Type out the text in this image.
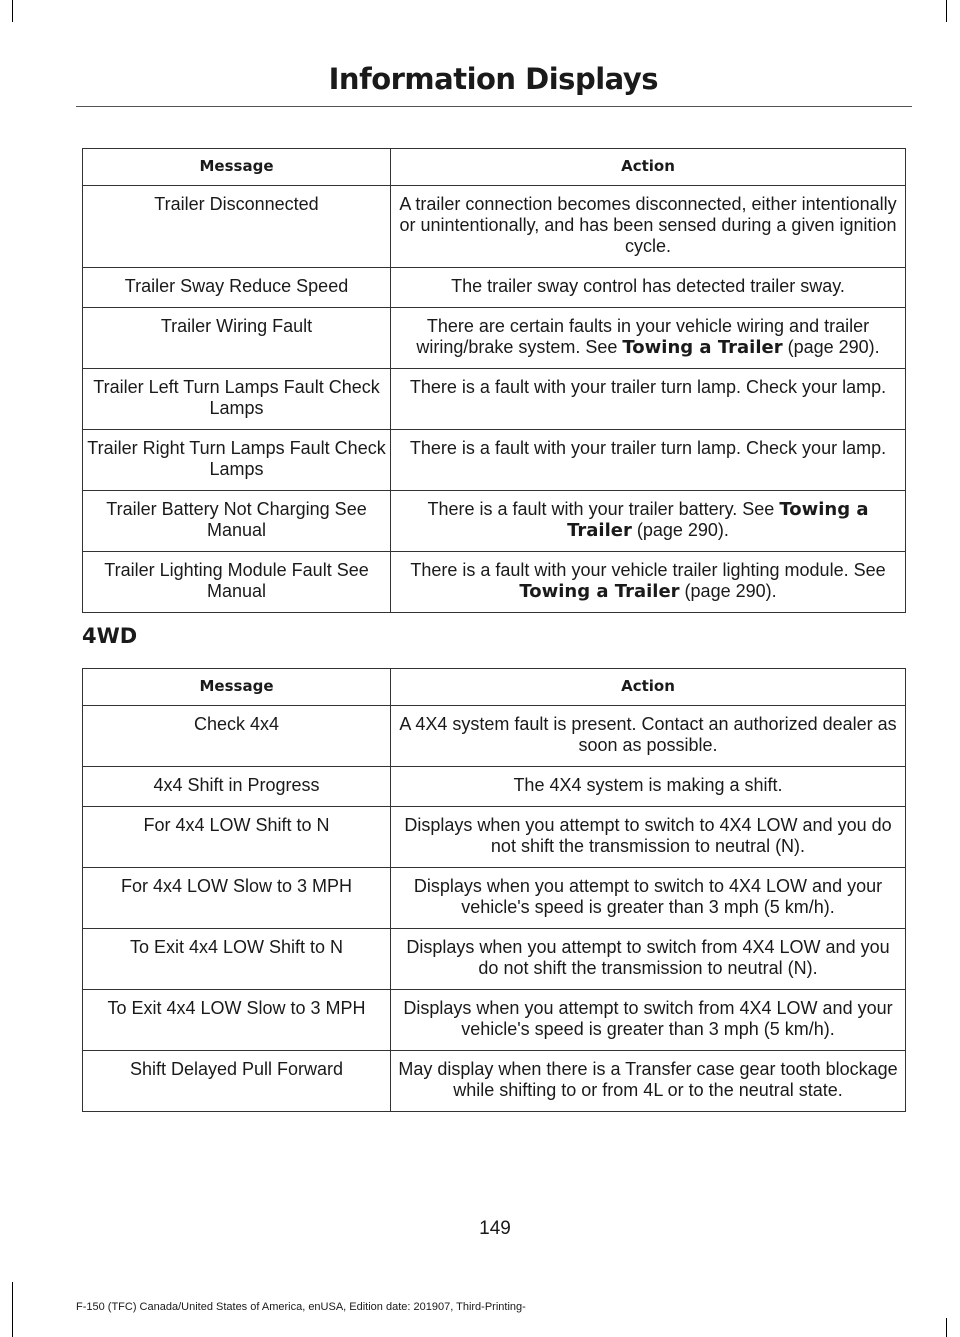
Information Displays
Message	Action
Trailer Disconnected	A trailer connection becomes disconnected, either intentionally or unintentionally, and has been sensed during a given ignition cycle.
Trailer Sway Reduce Speed	The trailer sway control has detected trailer sway.
Trailer Wiring Fault	There are certain faults in your vehicle wiring and trailer wiring/brake system. See Towing a Trailer (page 290).
Trailer Left Turn Lamps Fault Check Lamps	There is a fault with your trailer turn lamp. Check your lamp.
Trailer Right Turn Lamps Fault Check Lamps	There is a fault with your trailer turn lamp. Check your lamp.
Trailer Battery Not Charging See Manual	There is a fault with your trailer battery. See Towing a Trailer (page 290).
Trailer Lighting Module Fault See Manual	There is a fault with your vehicle trailer lighting module. See Towing a Trailer (page 290).
4WD
Message	Action
Check 4x4	A 4X4 system fault is present. Contact an authorized dealer as soon as possible.
4x4 Shift in Progress	The 4X4 system is making a shift.
For 4x4 LOW Shift to N	Displays when you attempt to switch to 4X4 LOW and you do not shift the transmission to neutral (N).
For 4x4 LOW Slow to 3 MPH	Displays when you attempt to switch to 4X4 LOW and your vehicle's speed is greater than 3 mph (5 km/h).
To Exit 4x4 LOW Shift to N	Displays when you attempt to switch from 4X4 LOW and you do not shift the transmission to neutral (N).
To Exit 4x4 LOW Slow to 3 MPH	Displays when you attempt to switch from 4X4 LOW and your vehicle's speed is greater than 3 mph (5 km/h).
Shift Delayed Pull Forward	May display when there is a Transfer case gear tooth blockage while shifting to or from 4L or to the neutral state.
149
F-150 (TFC) Canada/United States of America, enUSA, Edition date: 201907, Third-Printing-
